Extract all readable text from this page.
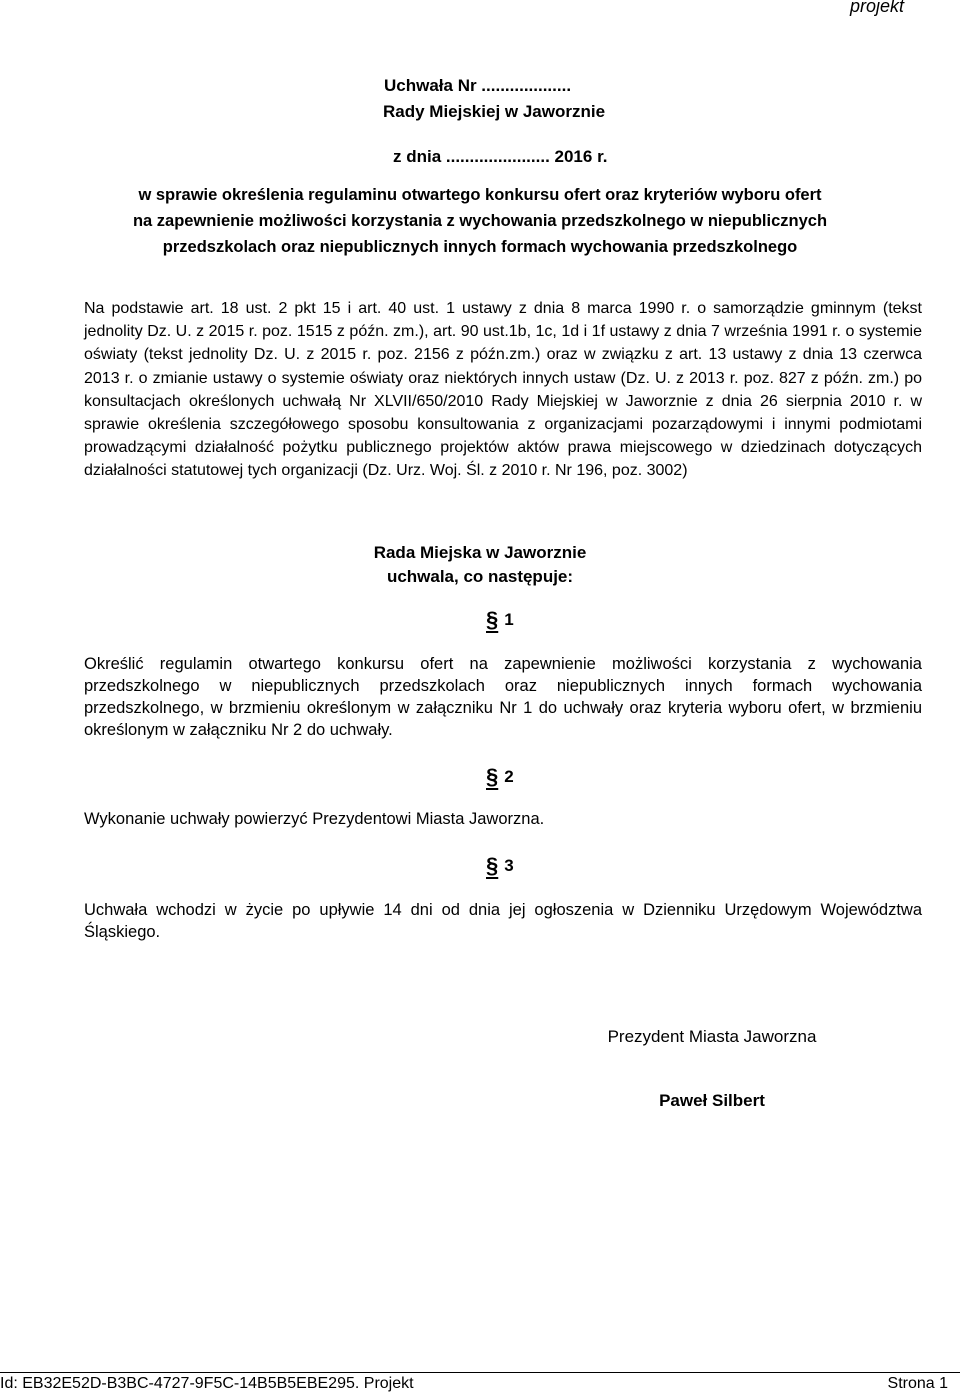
projekt
Uchwała Nr ...................
Rady Miejskiej w Jaworznie
z dnia ...................... 2016 r.
w sprawie określenia regulaminu otwartego konkursu ofert oraz kryteriów wyboru ofert
na zapewnienie możliwości korzystania z wychowania przedszkolnego w niepublicznych
przedszkolach oraz niepublicznych innych formach wychowania przedszkolnego
Na podstawie art. 18 ust. 2 pkt 15 i art. 40 ust. 1 ustawy z dnia 8 marca 1990 r. o samorządzie gminnym (tekst jednolity Dz. U. z 2015 r. poz. 1515 z późn. zm.), art. 90 ust.1b, 1c, 1d i 1f ustawy z dnia 7 września 1991 r. o systemie oświaty (tekst jednolity Dz. U. z 2015 r. poz. 2156 z późn.zm.) oraz w związku z art. 13 ustawy z dnia 13 czerwca 2013 r. o zmianie ustawy o systemie oświaty oraz niektórych innych ustaw (Dz. U. z 2013 r. poz. 827 z późn. zm.) po konsultacjach określonych uchwałą Nr XLVII/650/2010 Rady Miejskiej w Jaworznie z dnia 26 sierpnia 2010 r. w sprawie określenia szczegółowego sposobu konsultowania z organizacjami pozarządowymi i innymi podmiotami prowadzącymi działalność pożytku publicznego projektów aktów prawa miejscowego w dziedzinach dotyczących działalności statutowej tych organizacji (Dz. Urz. Woj. Śl. z 2010 r. Nr 196, poz. 3002)
Rada Miejska w Jaworznie
uchwala, co następuje:
§ 1
Określić regulamin otwartego konkursu ofert na zapewnienie możliwości korzystania z wychowania przedszkolnego w niepublicznych przedszkolach oraz niepublicznych innych formach wychowania przedszkolnego, w brzmieniu określonym w załączniku Nr 1 do uchwały oraz kryteria wyboru ofert, w brzmieniu określonym w załączniku Nr 2 do uchwały.
§ 2
Wykonanie uchwały powierzyć Prezydentowi Miasta Jaworzna.
§ 3
Uchwała wchodzi w życie po upływie 14 dni od dnia jej ogłoszenia w Dzienniku Urzędowym Województwa Śląskiego.
Prezydent Miasta Jaworzna
Paweł Silbert
Id: EB32E52D-B3BC-4727-9F5C-14B5B5EBE295. Projekt	Strona 1
